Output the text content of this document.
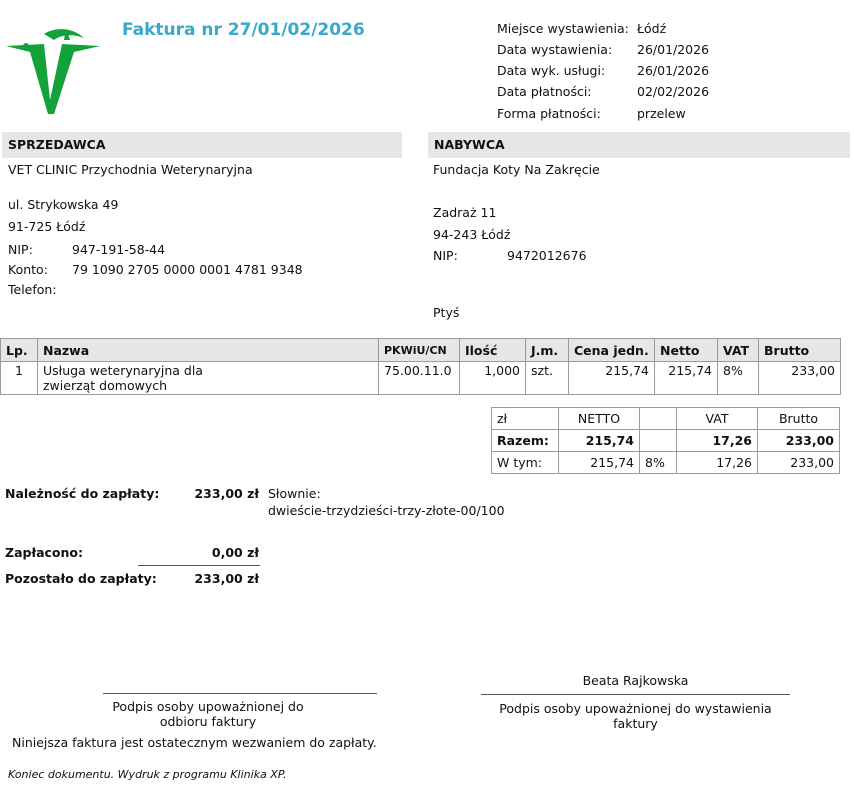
Faktura nr 27/01/02/2026	Miejsce wystawienia: Łódź
Data wystawienia: 26/01/2026
Data wyk. usługi:	26/01/2026
Data płatności:	02/02/2026
Forma płatności:	przelew
SPRZEDAWCA
VET CLINIC Przychodnia Weterynaryjna
ul. Strykowska 49
91-725 Łódź
NIP:	947-191-58-44
Konto: 79 1090 2705 0000 0001 4781 9348
Telefon:
NABYWCA
Fundacja Koty Na Zakręcie
Zadraż 11
94-243 Łódź
NIP:	9472012676
Ptyś
Lp.	Nazwa	PKWiU/CN	Ilość	J.m.	Cena jedn.	Netto	VAT	Brutto
1	Usługa weterynaryjna dla
zwierząt domowych	75.00.11.0	1,000	szt.	215,74	215,74	8%	233,00
zł	NETTO		VAT	Brutto
Razem:	215,74		17,26	233,00
W tym:	215,74	8%	17,26	233,00
Należność do zapłaty:	233,00 zł Słownie:
dwieście-trzydzieści-trzy-złote-00/100
Zapłacono:	0,00 zł
Pozostało do zapłaty:	233,00 zł
Beata Rajkowska
Podpis osoby upoważnionej do
odbioru faktury
Podpis osoby upoważnionej do wystawienia
faktury
Niniejsza faktura jest ostatecznym wezwaniem do zapłaty.
Koniec dokumentu. Wydruk z programu Klinika XP.
